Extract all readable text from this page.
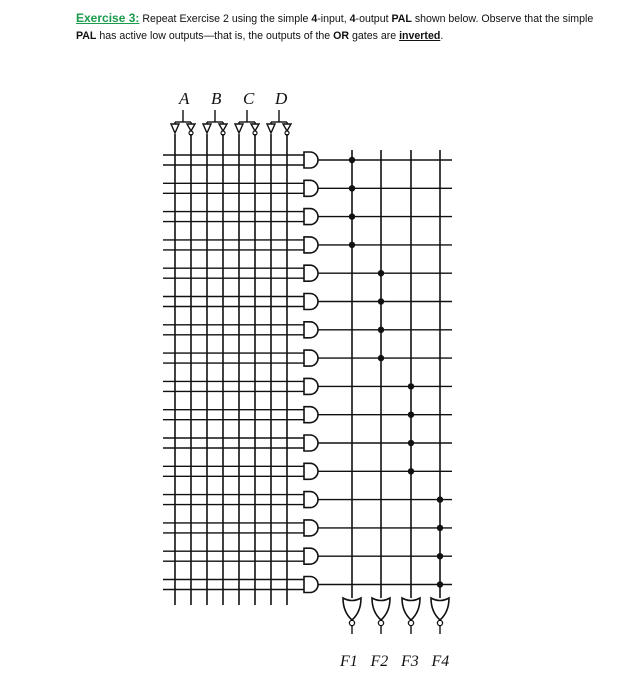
Exercise 3: Repeat Exercise 2 using the simple 4-input, 4-output PAL shown below. Observe that the simple PAL has active low outputs—that is, the outputs of the OR gates are inverted.
A B C D
F1 F2 F3 F4
